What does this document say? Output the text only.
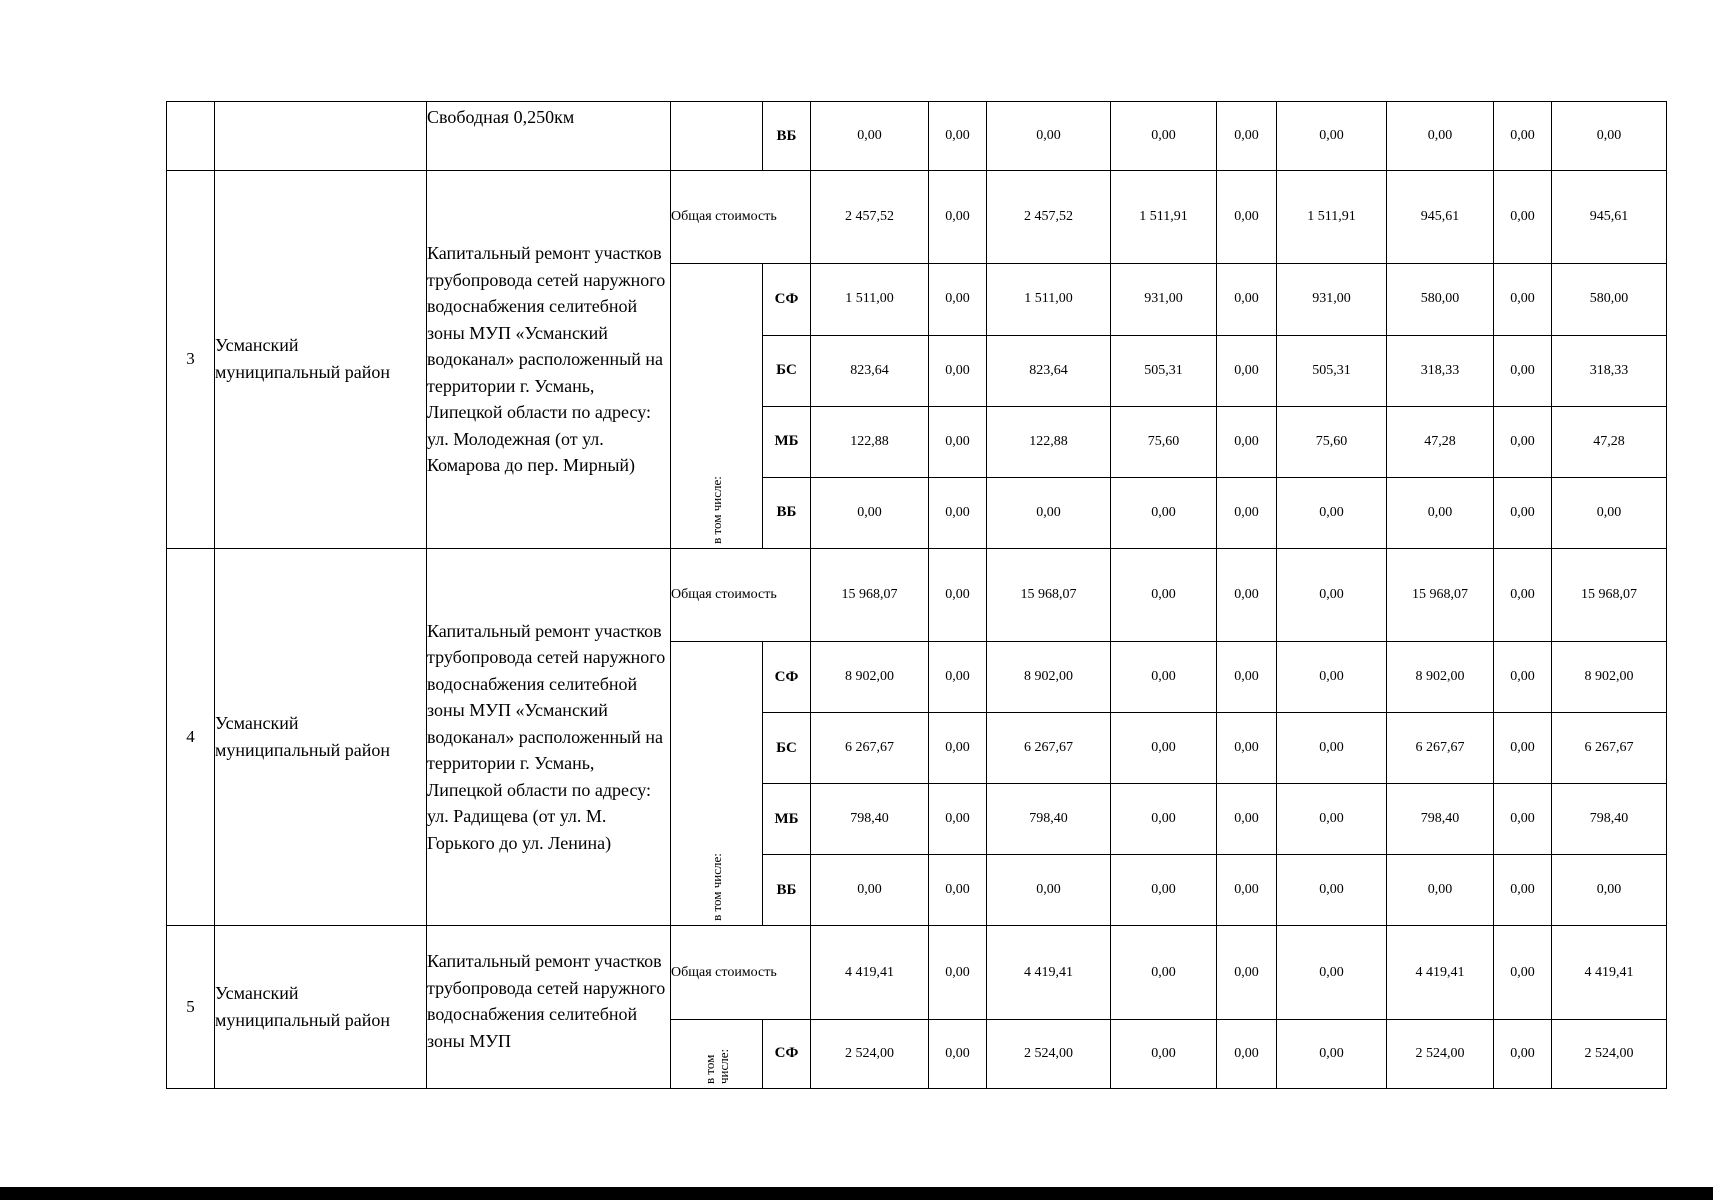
		Свободная 0,250км		ВБ	0,00	0,00	0,00	0,00	0,00	0,00	0,00	0,00	0,00
3	Усманский муниципальный район	Капитальный ремонт участков трубопровода сетей наружного водоснабжения селитебной зоны МУП «Усманский водоканал» расположенный на территории г. Усмань, Липецкой области по адресу: ул. Молодежная (от ул. Комарова до пер. Мирный)	Общая стоимость		2 457,52	0,00	2 457,52	1 511,91	0,00	1 511,91	945,61	0,00	945,61

			в том числе:	СФ	1 511,00	0,00	1 511,00	931,00	0,00	931,00	580,00	0,00	580,00
				БС	823,64	0,00	823,64	505,31	0,00	505,31	318,33	0,00	318,33
				МБ	122,88	0,00	122,88	75,60	0,00	75,60	47,28	0,00	47,28
				ВБ	0,00	0,00	0,00	0,00	0,00	0,00	0,00	0,00	0,00
4	Усманский муниципальный район	Капитальный ремонт участков трубопровода сетей наружного водоснабжения селитебной зоны МУП «Усманский водоканал» расположенный на территории г. Усмань, Липецкой области по адресу: ул. Радищева (от ул. М. Горького до ул. Ленина)	Общая стоимость		15 968,07	0,00	15 968,07	0,00	0,00	0,00	15 968,07	0,00	15 968,07

			в том числе:	СФ	8 902,00	0,00	8 902,00	0,00	0,00	0,00	8 902,00	0,00	8 902,00
				БС	6 267,67	0,00	6 267,67	0,00	0,00	0,00	6 267,67	0,00	6 267,67
				МБ	798,40	0,00	798,40	0,00	0,00	0,00	798,40	0,00	798,40
				ВБ	0,00	0,00	0,00	0,00	0,00	0,00	0,00	0,00	0,00
5	Усманский муниципальный район	Капитальный ремонт участков трубопровода сетей наружного водоснабжения селитебной зоны МУП	Общая стоимость		4 419,41	0,00	4 419,41	0,00	0,00	0,00	4 419,41	0,00	4 419,41

			в том числе:	СФ	2 524,00	0,00	2 524,00	0,00	0,00	0,00	2 524,00	0,00	2 524,00
